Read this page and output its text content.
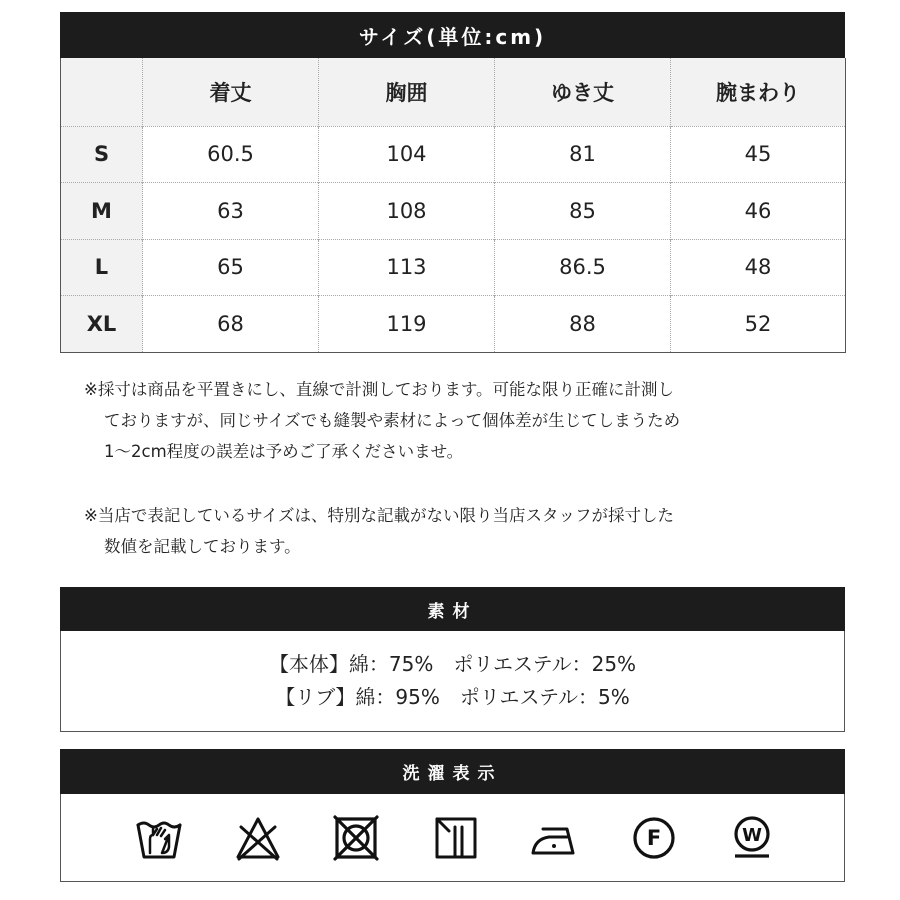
サイズ(単位:cm)
	着丈	胸囲	ゆき丈	腕まわり
S	60.5	104	81	45
M	63	108	85	46
L	65	113	86.5	48
XL	68	119	88	52

※採寸は商品を平置きにし、直線で計測しております。可能な限り正確に計測し

ておりますが、同じサイズでも縫製や素材によって個体差が生じてしまうため

1～2cm程度の誤差は予めご了承くださいませ。

※当店で表記しているサイズは、特別な記載がない限り当店スタッフが採寸した

数値を記載しております。

素材
【本体】綿：75%　ポリエステル：25%
【リブ】綿：95%　ポリエステル：5%
洗濯表示
F	W
